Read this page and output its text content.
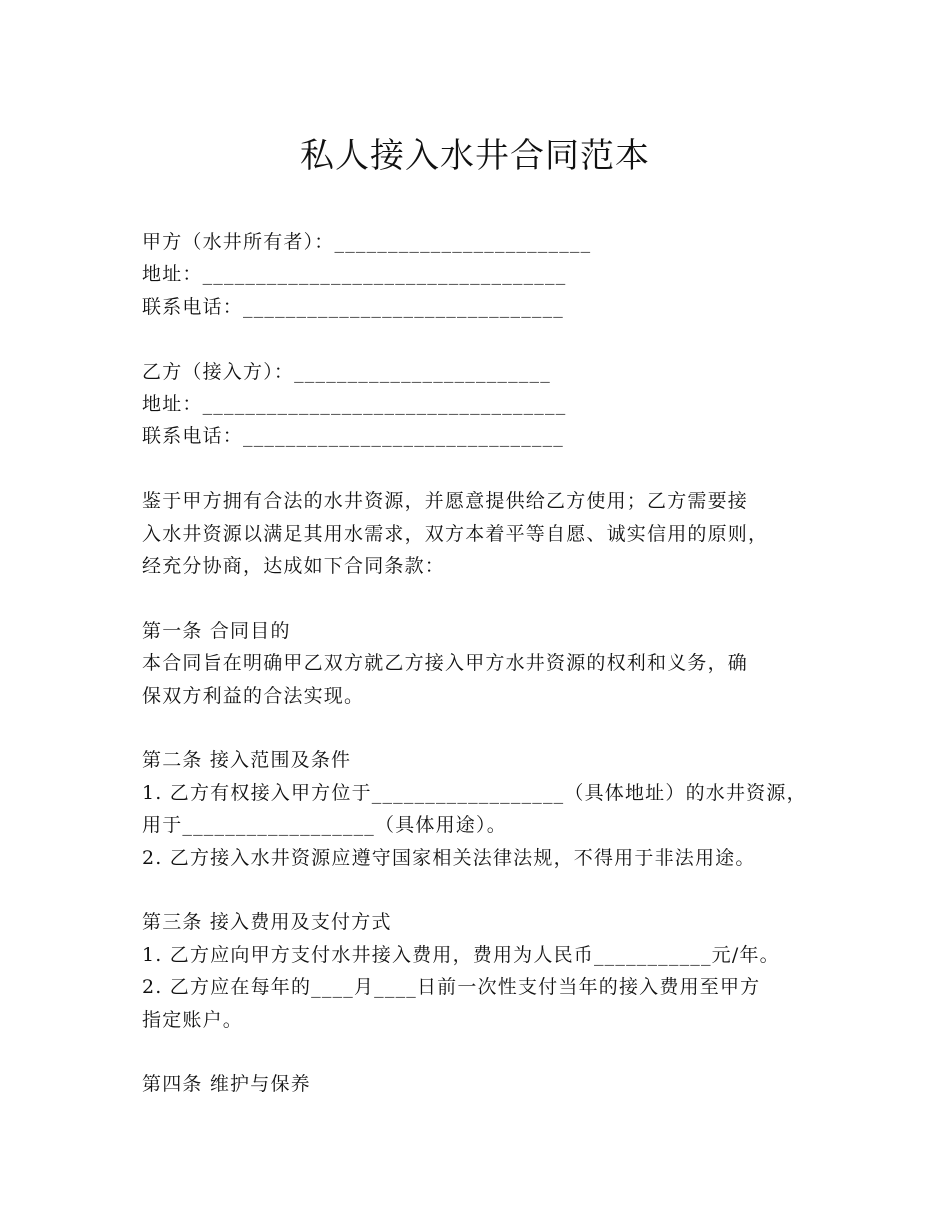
私人接入水井合同范本
甲方（水井所有者）：________________________
地址：__________________________________
联系电话：______________________________
乙方（接入方）：________________________
地址：__________________________________
联系电话：______________________________
鉴于甲方拥有合法的水井资源，并愿意提供给乙方使用；乙方需要接
入水井资源以满足其用水需求，双方本着平等自愿、诚实信用的原则，
经充分协商，达成如下合同条款：
第一条 合同目的
本合同旨在明确甲乙双方就乙方接入甲方水井资源的权利和义务，确
保双方利益的合法实现。
第二条 接入范围及条件
1. 乙方有权接入甲方位于__________________（具体地址）的水井资源，
用于__________________（具体用途）。
2. 乙方接入水井资源应遵守国家相关法律法规，不得用于非法用途。
第三条 接入费用及支付方式
1. 乙方应向甲方支付水井接入费用，费用为人民币___________元/年。
2. 乙方应在每年的____月____日前一次性支付当年的接入费用至甲方
指定账户。
第四条 维护与保养
